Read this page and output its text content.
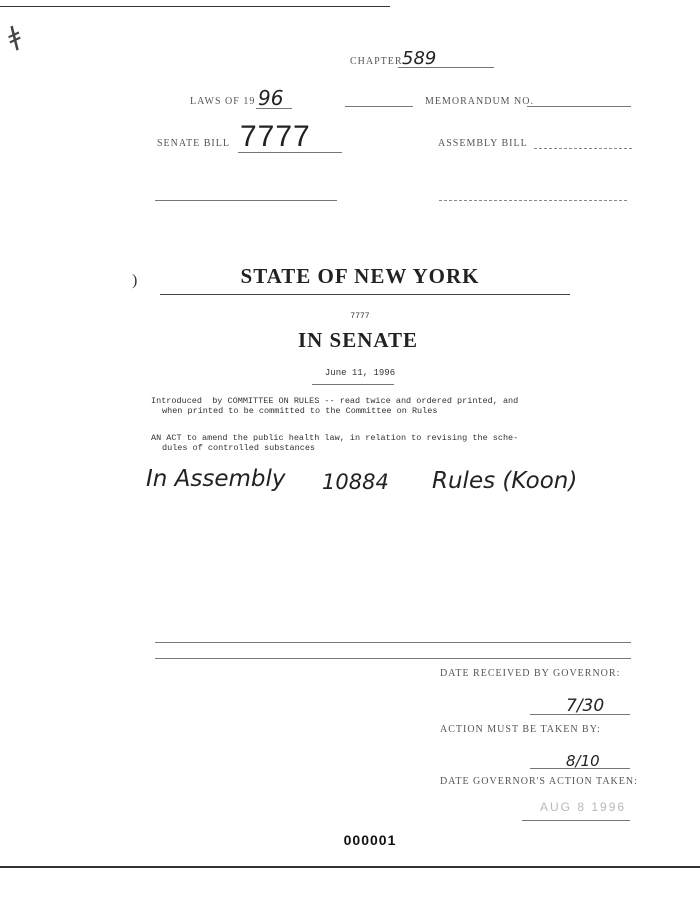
ǂ
CHAPTER 589
LAWS OF 19 96	MEMORANDUM NO.
SENATE BILL 7777	ASSEMBLY BILL
)	STATE OF NEW YORK
7777
IN SENATE
June 11, 1996
Introduced  by COMMITTEE ON RULES -- read twice and ordered printed, and
when printed to be committed to the Committee on Rules
AN ACT to amend the public health law, in relation to revising the sche-
dules of controlled substances
In Assembly 10884 Rules (Koon)
DATE RECEIVED BY GOVERNOR:
7/30
ACTION MUST BE TAKEN BY:
8/10
DATE GOVERNOR'S ACTION TAKEN:
AUG 8 1996
000001
